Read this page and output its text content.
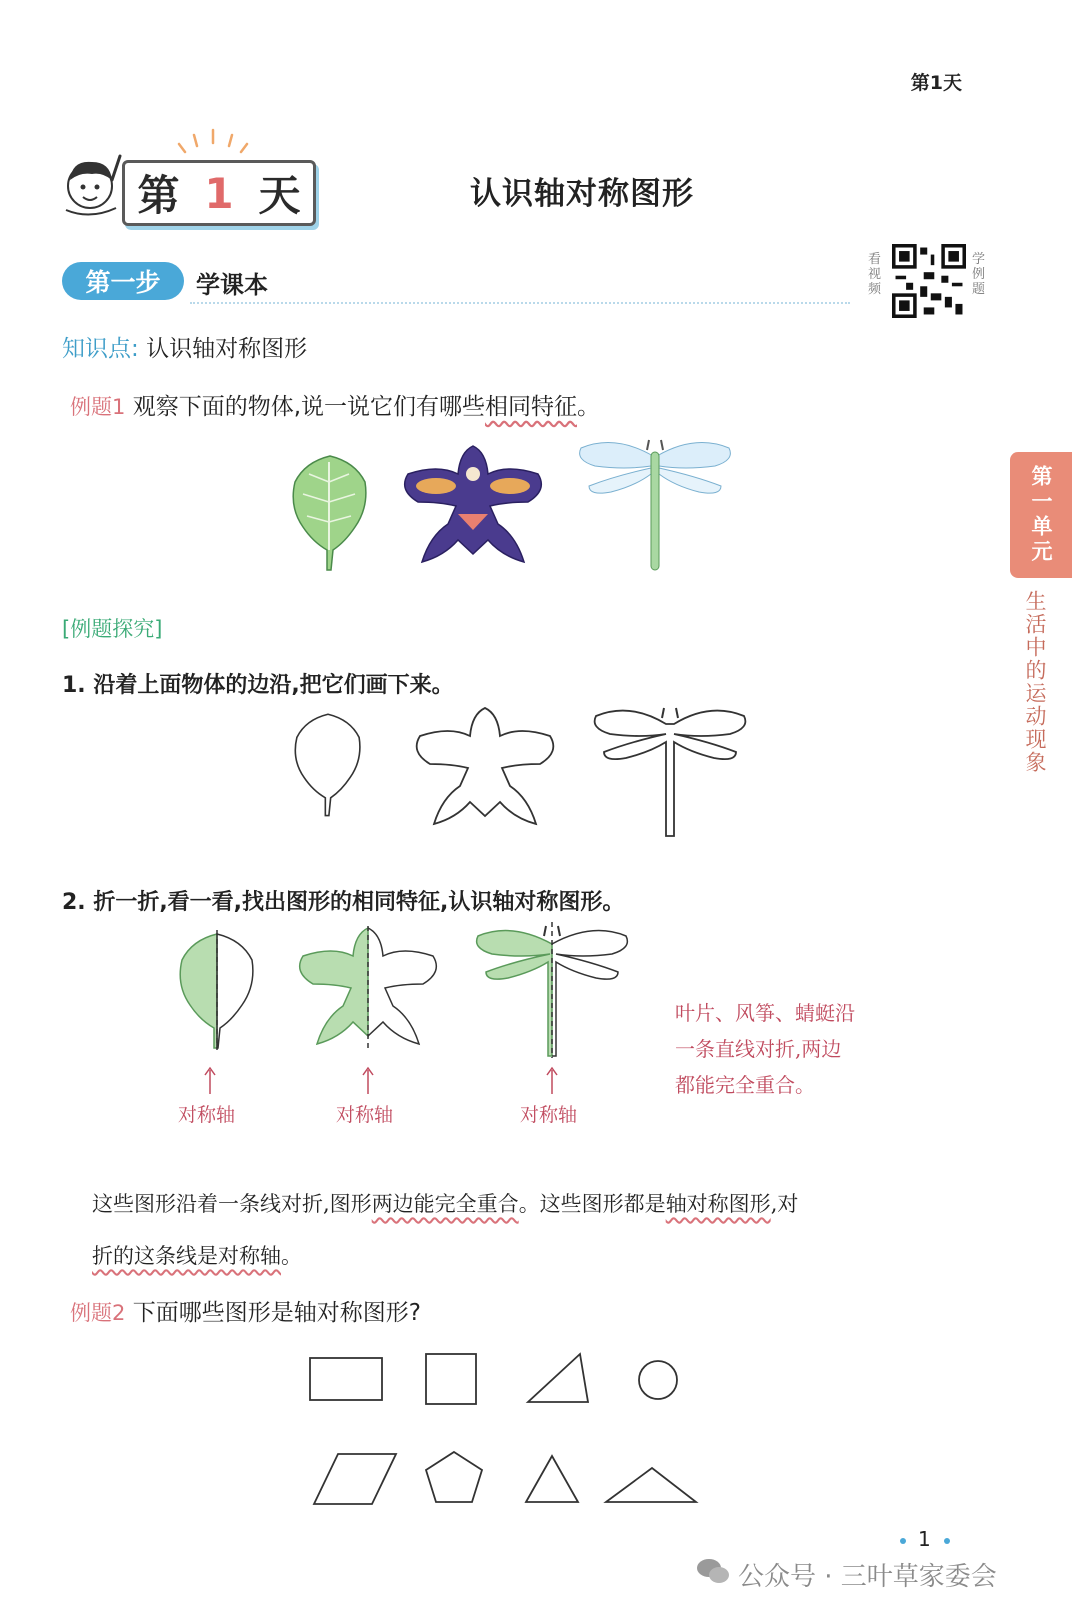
第1天
第 1 天	认识轴对称图形
第一步	学课本
看视频
学例题
知识点: 认识轴对称图形
例题1 观察下面的物体,说一说它们有哪些相同特征。
[例题探究]
1. 沿着上面物体的边沿,把它们画下来。
2. 折一折,看一看,找出图形的相同特征,认识轴对称图形。
对称轴	对称轴	对称轴
叶片、风筝、蜻蜓沿
一条直线对折,两边
都能完全重合。
这些图形沿着一条线对折,图形两边能完全重合。这些图形都是轴对称图形,对
折的这条线是对称轴。
例题2 下面哪些图形是轴对称图形?
第一单元
生活中的运动现象
1
公众号 · 三叶草家委会
